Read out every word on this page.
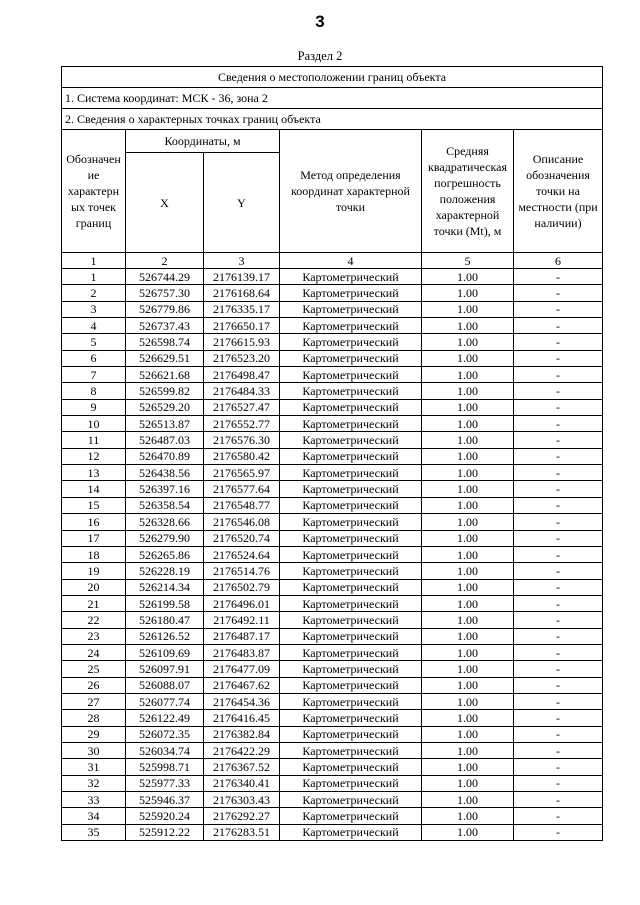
3
Раздел 2
Сведения о местоположении границ объекта					
1. Система координат: МСК - 36, зона 2					
2. Сведения о характерных точках границ объекта					
Обозначен ие характерн ых точек границ	Координаты, м		Метод определения координат характерной точки	Средняя квадратическая погрешность положения характерной точки (Mt), м	Описание обозначения точки на местности (при наличии)
	X	Y			
1	2	3	4	5	6
1	526744.29	2176139.17	Картометрический	1.00	-
2	526757.30	2176168.64	Картометрический	1.00	-
3	526779.86	2176335.17	Картометрический	1.00	-
4	526737.43	2176650.17	Картометрический	1.00	-
5	526598.74	2176615.93	Картометрический	1.00	-
6	526629.51	2176523.20	Картометрический	1.00	-
7	526621.68	2176498.47	Картометрический	1.00	-
8	526599.82	2176484.33	Картометрический	1.00	-
9	526529.20	2176527.47	Картометрический	1.00	-
10	526513.87	2176552.77	Картометрический	1.00	-
11	526487.03	2176576.30	Картометрический	1.00	-
12	526470.89	2176580.42	Картометрический	1.00	-
13	526438.56	2176565.97	Картометрический	1.00	-
14	526397.16	2176577.64	Картометрический	1.00	-
15	526358.54	2176548.77	Картометрический	1.00	-
16	526328.66	2176546.08	Картометрический	1.00	-
17	526279.90	2176520.74	Картометрический	1.00	-
18	526265.86	2176524.64	Картометрический	1.00	-
19	526228.19	2176514.76	Картометрический	1.00	-
20	526214.34	2176502.79	Картометрический	1.00	-
21	526199.58	2176496.01	Картометрический	1.00	-
22	526180.47	2176492.11	Картометрический	1.00	-
23	526126.52	2176487.17	Картометрический	1.00	-
24	526109.69	2176483.87	Картометрический	1.00	-
25	526097.91	2176477.09	Картометрический	1.00	-
26	526088.07	2176467.62	Картометрический	1.00	-
27	526077.74	2176454.36	Картометрический	1.00	-
28	526122.49	2176416.45	Картометрический	1.00	-
29	526072.35	2176382.84	Картометрический	1.00	-
30	526034.74	2176422.29	Картометрический	1.00	-
31	525998.71	2176367.52	Картометрический	1.00	-
32	525977.33	2176340.41	Картометрический	1.00	-
33	525946.37	2176303.43	Картометрический	1.00	-
34	525920.24	2176292.27	Картометрический	1.00	-
35	525912.22	2176283.51	Картометрический	1.00	-
